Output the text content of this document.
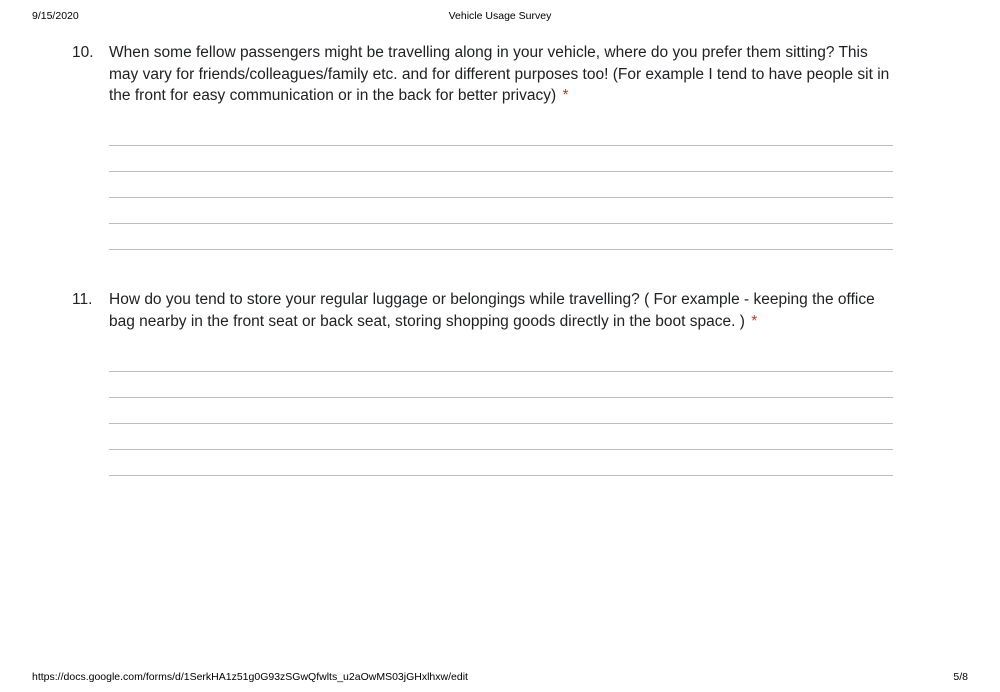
9/15/2020	Vehicle Usage Survey
10. When some fellow passengers might be travelling along in your vehicle, where do you prefer them sitting? This may vary for friends/colleagues/family etc. and for different purposes too! (For example I tend to have people sit in the front for easy communication or in the back for better privacy) *
11. How do you tend to store your regular luggage or belongings while travelling? ( For example - keeping the office bag nearby in the front seat or back seat, storing shopping goods directly in the boot space. ) *
https://docs.google.com/forms/d/1SerkHA1z51g0G93zSGwQfwlts_u2aOwMS03jGHxlhxw/edit	5/8
